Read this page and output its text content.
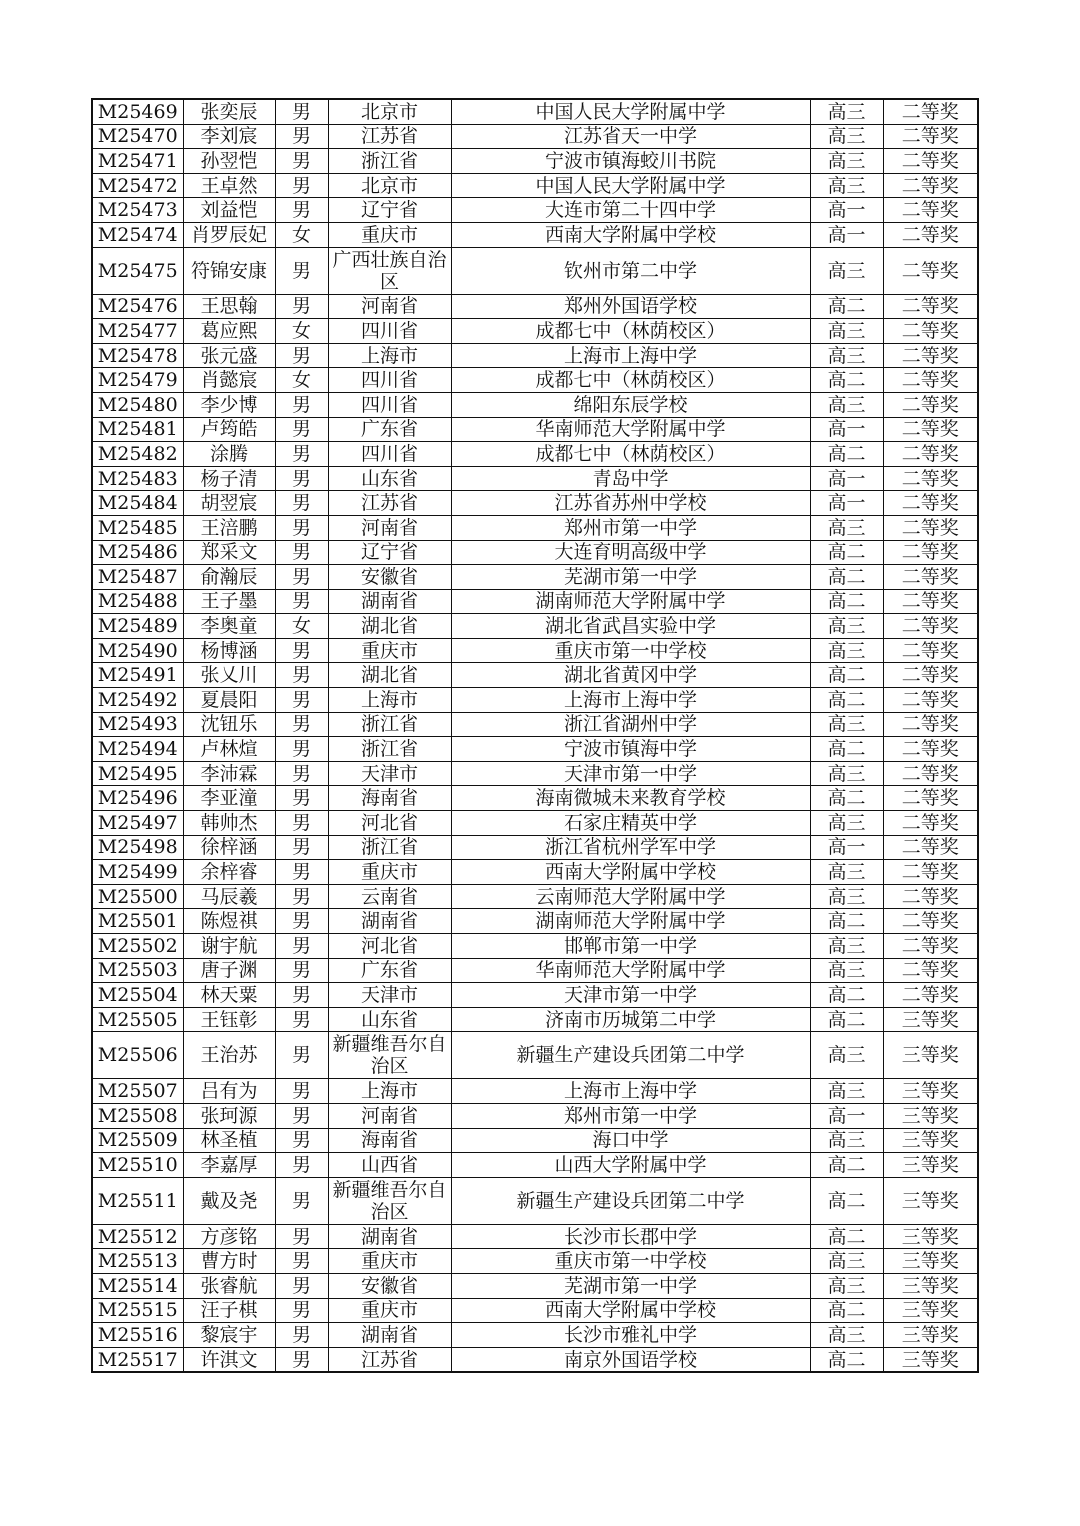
M25469	张奕辰	男	北京市	中国人民大学附属中学	高三	二等奖
M25470	李刘宸	男	江苏省	江苏省天一中学	高三	二等奖
M25471	孙翌恺	男	浙江省	宁波市镇海蛟川书院	高三	二等奖
M25472	王卓然	男	北京市	中国人民大学附属中学	高三	二等奖
M25473	刘益恺	男	辽宁省	大连市第二十四中学	高一	二等奖
M25474	肖罗辰妃	女	重庆市	西南大学附属中学校	高一	二等奖
M25475	符锦安康	男	广西壮族自治区	钦州市第二中学	高三	二等奖
M25476	王思翰	男	河南省	郑州外国语学校	高二	二等奖
M25477	葛应熙	女	四川省	成都七中（林荫校区）	高三	二等奖
M25478	张元盛	男	上海市	上海市上海中学	高三	二等奖
M25479	肖懿宸	女	四川省	成都七中（林荫校区）	高二	二等奖
M25480	李少博	男	四川省	绵阳东辰学校	高三	二等奖
M25481	卢筠皓	男	广东省	华南师范大学附属中学	高一	二等奖
M25482	涂腾	男	四川省	成都七中（林荫校区）	高二	二等奖
M25483	杨子清	男	山东省	青岛中学	高一	二等奖
M25484	胡翌宸	男	江苏省	江苏省苏州中学校	高一	二等奖
M25485	王涪鹏	男	河南省	郑州市第一中学	高三	二等奖
M25486	郑采文	男	辽宁省	大连育明高级中学	高二	二等奖
M25487	俞瀚辰	男	安徽省	芜湖市第一中学	高二	二等奖
M25488	王子墨	男	湖南省	湖南师范大学附属中学	高二	二等奖
M25489	李奥童	女	湖北省	湖北省武昌实验中学	高三	二等奖
M25490	杨博涵	男	重庆市	重庆市第一中学校	高三	二等奖
M25491	张乂川	男	湖北省	湖北省黄冈中学	高二	二等奖
M25492	夏晨阳	男	上海市	上海市上海中学	高二	二等奖
M25493	沈钮乐	男	浙江省	浙江省湖州中学	高三	二等奖
M25494	卢林煊	男	浙江省	宁波市镇海中学	高二	二等奖
M25495	李沛霖	男	天津市	天津市第一中学	高三	二等奖
M25496	李亚潼	男	海南省	海南微城未来教育学校	高二	二等奖
M25497	韩帅杰	男	河北省	石家庄精英中学	高三	二等奖
M25498	徐梓涵	男	浙江省	浙江省杭州学军中学	高一	二等奖
M25499	余梓睿	男	重庆市	西南大学附属中学校	高三	二等奖
M25500	马辰羲	男	云南省	云南师范大学附属中学	高三	二等奖
M25501	陈煜祺	男	湖南省	湖南师范大学附属中学	高二	二等奖
M25502	谢宇航	男	河北省	邯郸市第一中学	高三	二等奖
M25503	唐子渊	男	广东省	华南师范大学附属中学	高三	二等奖
M25504	林天粟	男	天津市	天津市第一中学	高二	二等奖
M25505	王钰彰	男	山东省	济南市历城第二中学	高二	三等奖
M25506	王治苏	男	新疆维吾尔自治区	新疆生产建设兵团第二中学	高三	三等奖
M25507	吕有为	男	上海市	上海市上海中学	高三	三等奖
M25508	张珂源	男	河南省	郑州市第一中学	高一	三等奖
M25509	林圣植	男	海南省	海口中学	高三	三等奖
M25510	李嘉厚	男	山西省	山西大学附属中学	高二	三等奖
M25511	戴及尧	男	新疆维吾尔自治区	新疆生产建设兵团第二中学	高二	三等奖
M25512	方彦铭	男	湖南省	长沙市长郡中学	高二	三等奖
M25513	曹方时	男	重庆市	重庆市第一中学校	高三	三等奖
M25514	张睿航	男	安徽省	芜湖市第一中学	高三	三等奖
M25515	汪子棋	男	重庆市	西南大学附属中学校	高二	三等奖
M25516	黎宸宇	男	湖南省	长沙市雅礼中学	高三	三等奖
M25517	许淇文	男	江苏省	南京外国语学校	高二	三等奖
